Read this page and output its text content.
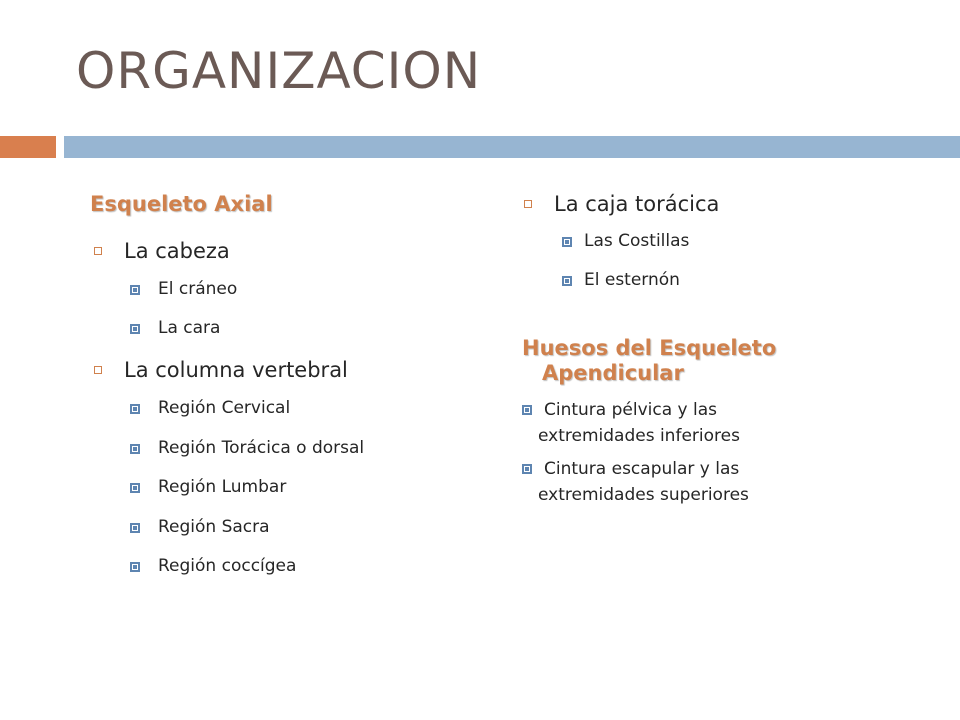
ORGANIZACION
Esqueleto Axial
La cabeza
El cráneo
La cara
La columna vertebral
Región Cervical
Región Torácica o dorsal
Región Lumbar
Región Sacra
Región coccígea
La caja torácica
Las Costillas
El esternón
Huesos del Esqueleto
Apendicular
Cintura pélvica y las
extremidades inferiores
Cintura escapular y las
extremidades superiores
